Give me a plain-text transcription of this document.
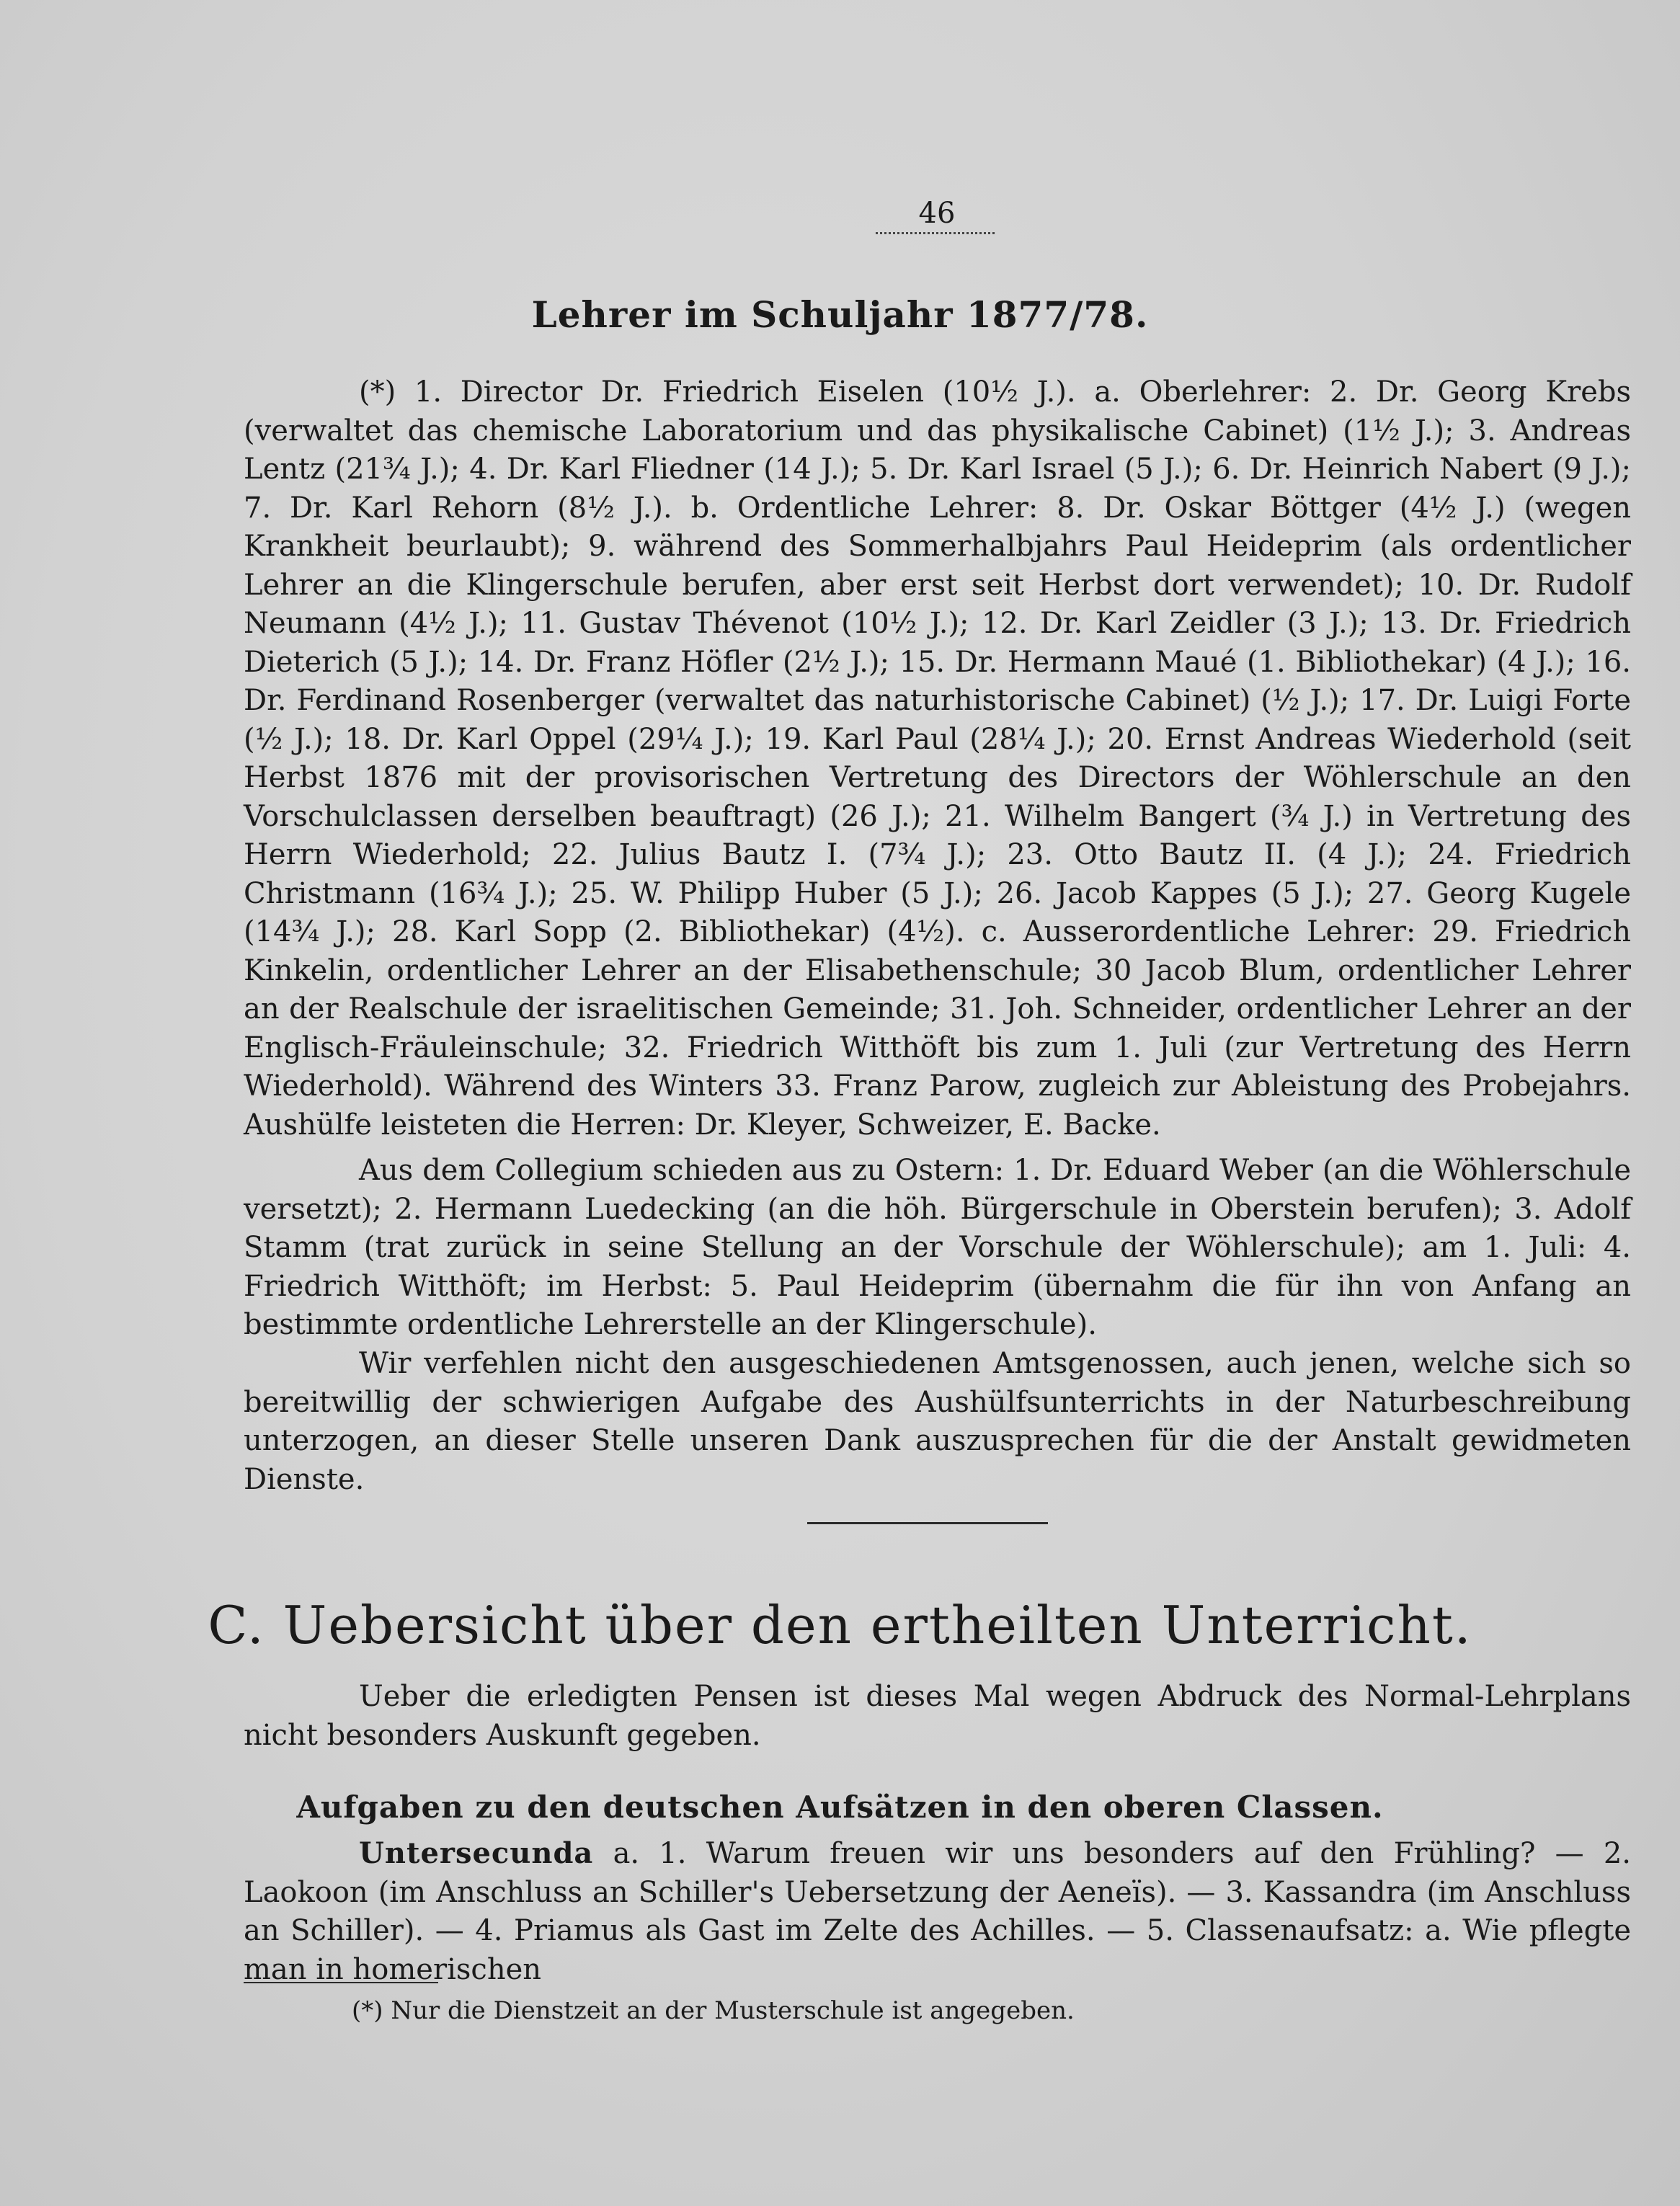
46
Lehrer im Schuljahr 1877/78.

(*) 1. Director Dr. Friedrich Eiselen (10½ J.). a. Oberlehrer: 2. Dr. Georg Krebs (verwaltet das chemische Laboratorium und das physikalische Cabinet) (1½ J.); 3. Andreas Lentz (21¾ J.); 4. Dr. Karl Fliedner (14 J.); 5. Dr. Karl Israel (5 J.); 6. Dr. Heinrich Nabert (9 J.); 7. Dr. Karl Rehorn (8½ J.). b. Ordentliche Lehrer: 8. Dr. Oskar Böttger (4½ J.) (wegen Krankheit beurlaubt); 9. während des Sommerhalbjahrs Paul Heideprim (als ordentlicher Lehrer an die Klingerschule berufen, aber erst seit Herbst dort verwendet); 10. Dr. Rudolf Neumann (4½ J.); 11. Gustav Thévenot (10½ J.); 12. Dr. Karl Zeidler (3 J.); 13. Dr. Friedrich Dieterich (5 J.); 14. Dr. Franz Höfler (2½ J.); 15. Dr. Hermann Maué (1. Bibliothekar) (4 J.); 16. Dr. Ferdinand Rosenberger (verwaltet das naturhistorische Cabinet) (½ J.); 17. Dr. Luigi Forte (½ J.); 18. Dr. Karl Oppel (29¼ J.); 19. Karl Paul (28¼ J.); 20. Ernst Andreas Wiederhold (seit Herbst 1876 mit der provisorischen Vertretung des Directors der Wöhlerschule an den Vorschulclassen derselben beauftragt) (26 J.); 21. Wilhelm Bangert (¾ J.) in Vertretung des Herrn Wiederhold; 22. Julius Bautz I. (7¾ J.); 23. Otto Bautz II. (4 J.); 24. Friedrich Christmann (16¾ J.); 25. W. Philipp Huber (5 J.); 26. Jacob Kappes (5 J.); 27. Georg Kugele (14¾ J.); 28. Karl Sopp (2. Bibliothekar) (4½). c. Ausserordentliche Lehrer: 29. Friedrich Kinkelin, ordentlicher Lehrer an der Elisabethenschule; 30 Jacob Blum, ordentlicher Lehrer an der Realschule der israelitischen Gemeinde; 31. Joh. Schneider, ordentlicher Lehrer an der Englisch-Fräuleinschule; 32. Friedrich Witthöft bis zum 1. Juli (zur Vertretung des Herrn Wiederhold). Während des Winters 33. Franz Parow, zugleich zur Ableistung des Probejahrs. Aushülfe leisteten die Herren: Dr. Kleyer, Schweizer, E. Backe.

Aus dem Collegium schieden aus zu Ostern: 1. Dr. Eduard Weber (an die Wöhlerschule versetzt); 2. Hermann Luedecking (an die höh. Bürgerschule in Oberstein berufen); 3. Adolf Stamm (trat zurück in seine Stellung an der Vorschule der Wöhlerschule); am 1. Juli: 4. Friedrich Witthöft; im Herbst: 5. Paul Heideprim (übernahm die für ihn von Anfang an bestimmte ordentliche Lehrerstelle an der Klingerschule).

Wir verfehlen nicht den ausgeschiedenen Amtsgenossen, auch jenen, welche sich so bereitwillig der schwierigen Aufgabe des Aushülfsunterrichts in der Naturbeschreibung unterzogen, an dieser Stelle unseren Dank auszusprechen für die der Anstalt gewidmeten Dienste.

C. Uebersicht über den ertheilten Unterricht.

Ueber die erledigten Pensen ist dieses Mal wegen Abdruck des Normal-Lehrplans nicht besonders Auskunft gegeben.

Aufgaben zu den deutschen Aufsätzen in den oberen Classen.

Untersecunda a. 1. Warum freuen wir uns besonders auf den Frühling? — 2. Laokoon (im Anschluss an Schiller's Uebersetzung der Aeneïs). — 3. Kassandra (im Anschluss an Schiller). — 4. Priamus als Gast im Zelte des Achilles. — 5. Classenaufsatz: a. Wie pflegte man in homerischen

(*) Nur die Dienstzeit an der Musterschule ist angegeben.
